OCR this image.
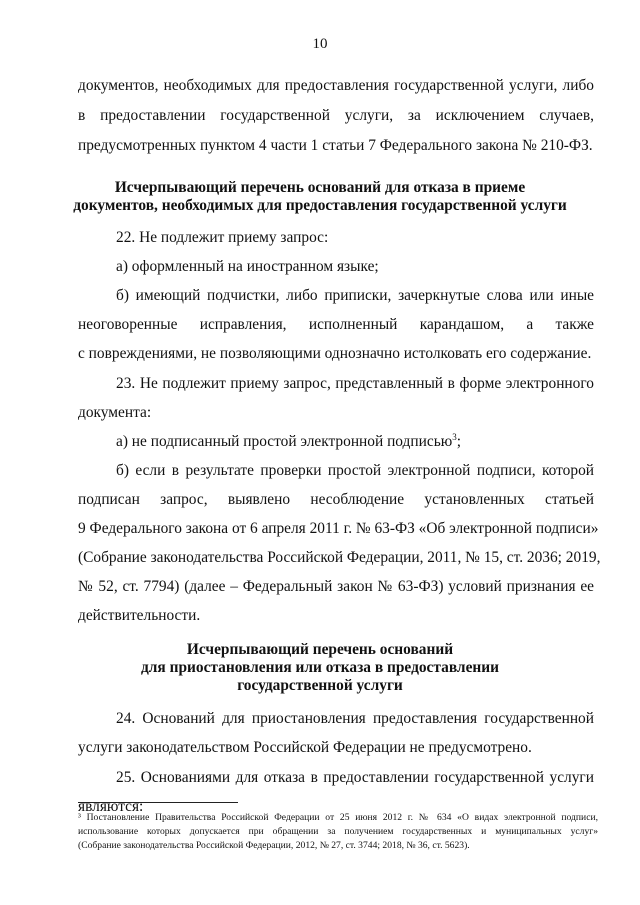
10
документов, необходимых для предоставления государственной услуги, либо
в предоставлении государственной услуги, за исключением случаев,
предусмотренных пунктом 4 части 1 статьи 7 Федерального закона № 210-ФЗ.
Исчерпывающий перечень оснований для отказа в приеме
документов, необходимых для предоставления государственной услуги
22. Не подлежит приему запрос:
а) оформленный на иностранном языке;
б) имеющий подчистки, либо приписки, зачеркнутые слова или иные
неоговоренные исправления, исполненный карандашом, а также
с повреждениями, не позволяющими однозначно истолковать его содержание.
23. Не подлежит приему запрос, представленный в форме электронного
документа:
а) не подписанный простой электронной подписью$^3$;
б) если в результате проверки простой электронной подписи, которой
подписан запрос, выявлено несоблюдение установленных статьей
9 Федерального закона от 6 апреля 2011 г. № 63-ФЗ «Об электронной подписи»
(Собрание законодательства Российской Федерации, 2011, № 15, ст. 2036; 2019,
№ 52, ст. 7794) (далее – Федеральный закон № 63-ФЗ) условий признания ее
действительности.
Исчерпывающий перечень оснований
для приостановления или отказа в предоставлении
государственной услуги
24. Оснований для приостановления предоставления государственной
услуги законодательством Российской Федерации не предусмотрено.
25. Основаниями для отказа в предоставлении государственной услуги
являются:
³ Постановление Правительства Российской Федерации от 25 июня 2012 г. № 634 «О видах электронной подписи,
использование которых допускается при обращении за получением государственных и муниципальных услуг»
(Собрание законодательства Российской Федерации, 2012, № 27, ст. 3744; 2018, № 36, ст. 5623).
